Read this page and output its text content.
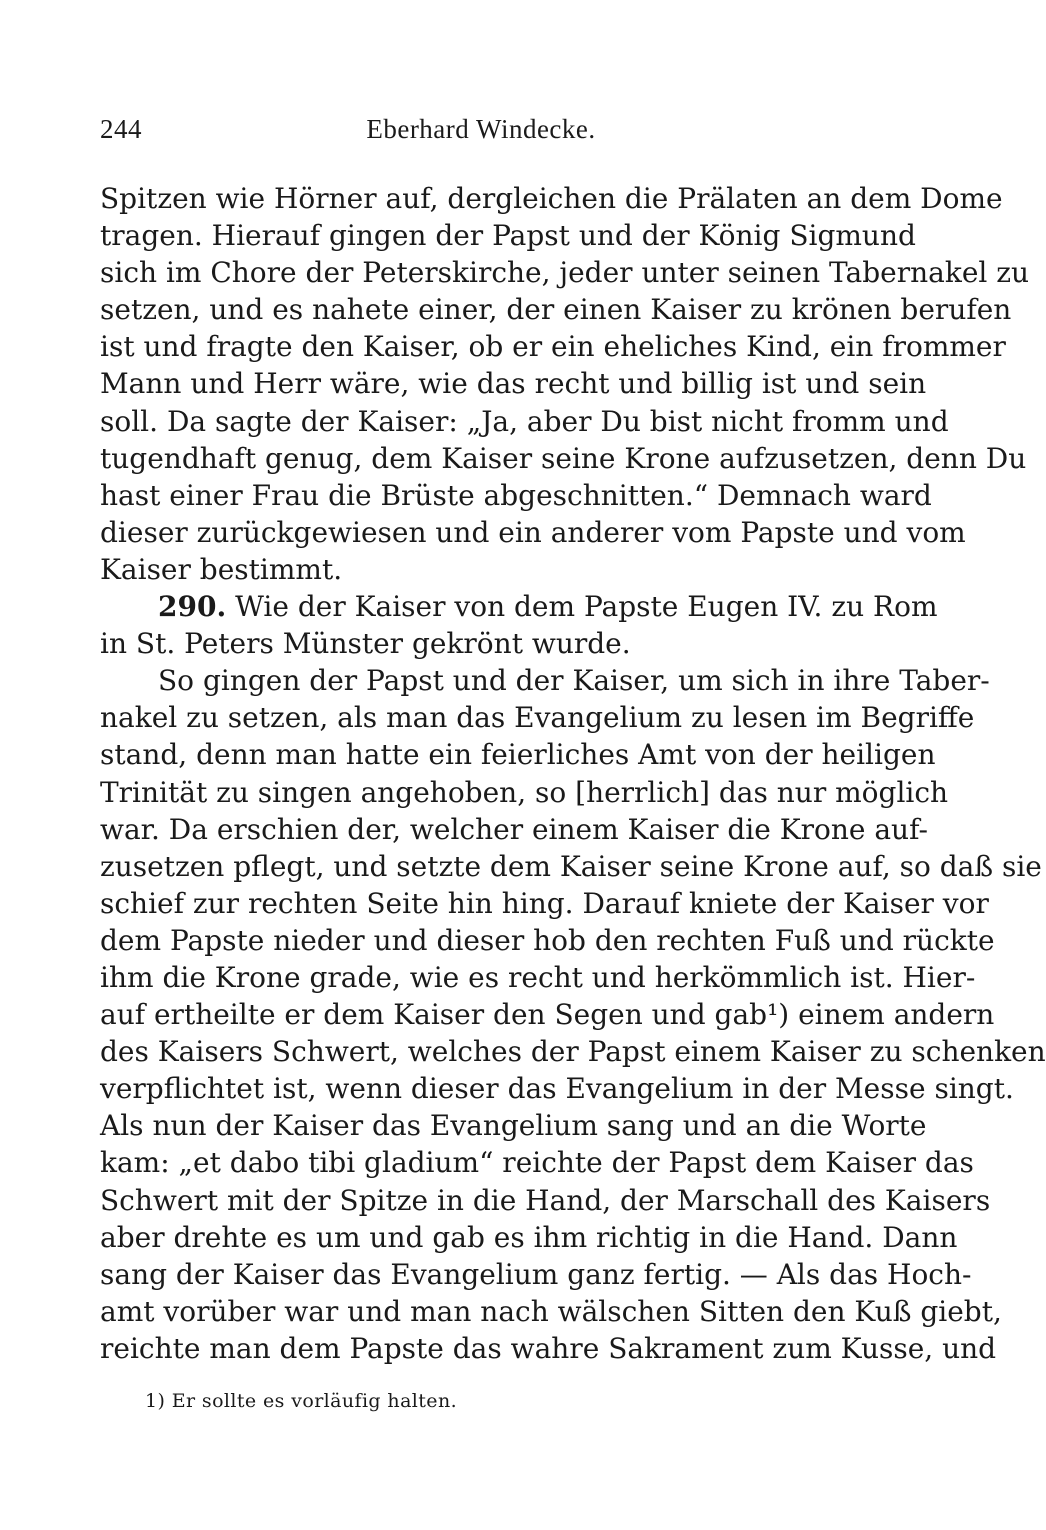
244	Eberhard Windecke.
Spitzen wie Hörner auf, dergleichen die Prälaten an dem Dome
tragen. Hierauf gingen der Papst und der König Sigmund
sich im Chore der Peterskirche, jeder unter seinen Tabernakel zu
setzen, und es nahete einer, der einen Kaiser zu krönen berufen
ist und fragte den Kaiser, ob er ein eheliches Kind, ein frommer
Mann und Herr wäre, wie das recht und billig ist und sein
soll. Da sagte der Kaiser: „Ja, aber Du bist nicht fromm und
tugendhaft genug, dem Kaiser seine Krone aufzusetzen, denn Du
hast einer Frau die Brüste abgeschnitten.“ Demnach ward
dieser zurückgewiesen und ein anderer vom Papste und vom
Kaiser bestimmt.
290. Wie der Kaiser von dem Papste Eugen IV. zu Rom
in St. Peters Münster gekrönt wurde.
So gingen der Papst und der Kaiser, um sich in ihre Taber-
nakel zu setzen, als man das Evangelium zu lesen im Begriffe
stand, denn man hatte ein feierliches Amt von der heiligen
Trinität zu singen angehoben, so [herrlich] das nur möglich
war. Da erschien der, welcher einem Kaiser die Krone auf-
zusetzen pflegt, und setzte dem Kaiser seine Krone auf, so daß sie
schief zur rechten Seite hin hing. Darauf kniete der Kaiser vor
dem Papste nieder und dieser hob den rechten Fuß und rückte
ihm die Krone grade, wie es recht und herkömmlich ist. Hier-
auf ertheilte er dem Kaiser den Segen und gab¹) einem andern
des Kaisers Schwert, welches der Papst einem Kaiser zu schenken
verpflichtet ist, wenn dieser das Evangelium in der Messe singt.
Als nun der Kaiser das Evangelium sang und an die Worte
kam: „et dabo tibi gladium“ reichte der Papst dem Kaiser das
Schwert mit der Spitze in die Hand, der Marschall des Kaisers
aber drehte es um und gab es ihm richtig in die Hand. Dann
sang der Kaiser das Evangelium ganz fertig. — Als das Hoch-
amt vorüber war und man nach wälschen Sitten den Kuß giebt,
reichte man dem Papste das wahre Sakrament zum Kusse, und
1) Er sollte es vorläufig halten.
